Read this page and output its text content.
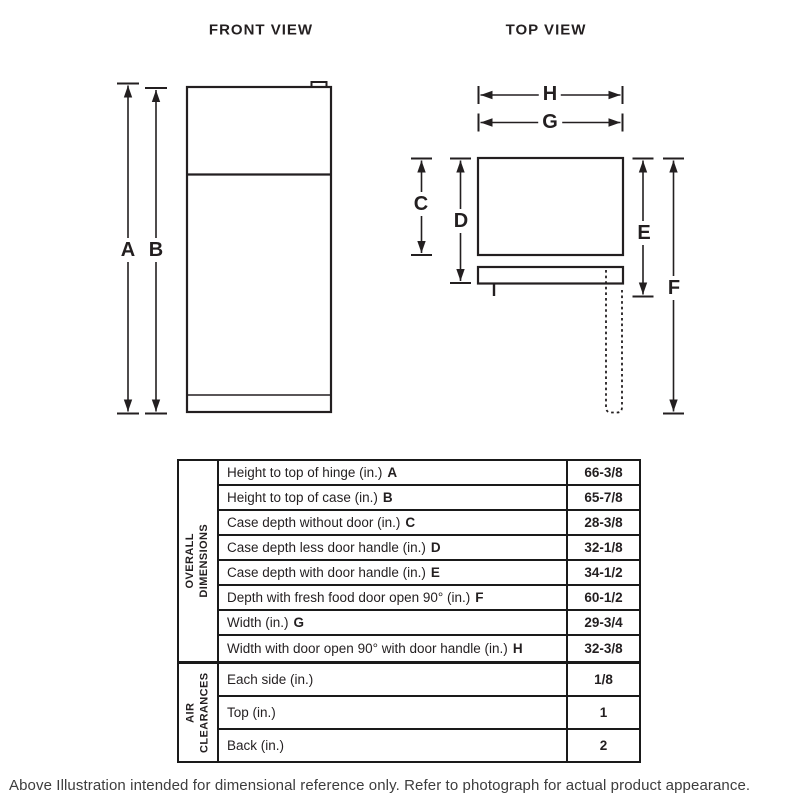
FRONT VIEW	TOP VIEW
A B
C
D
E
F
G
H
OVERALL DIMENSIONS
Height to top of hinge (in.) A	66-3/8
Height to top of case (in.) B	65-7/8
Case depth without door (in.) C	28-3/8
Case depth less door handle (in.) D	32-1/8
Case depth with door handle (in.) E	34-1/2
Depth with fresh food door open 90° (in.) F	60-1/2
Width (in.) G	29-3/4
Width with door open 90° with door handle (in.) H	32-3/8
AIR CLEARANCES Each side (in.)	1/8
Top (in.)	1
Back (in.)	2
Above Illustration intended for dimensional reference only. Refer to photograph for actual product appearance.
